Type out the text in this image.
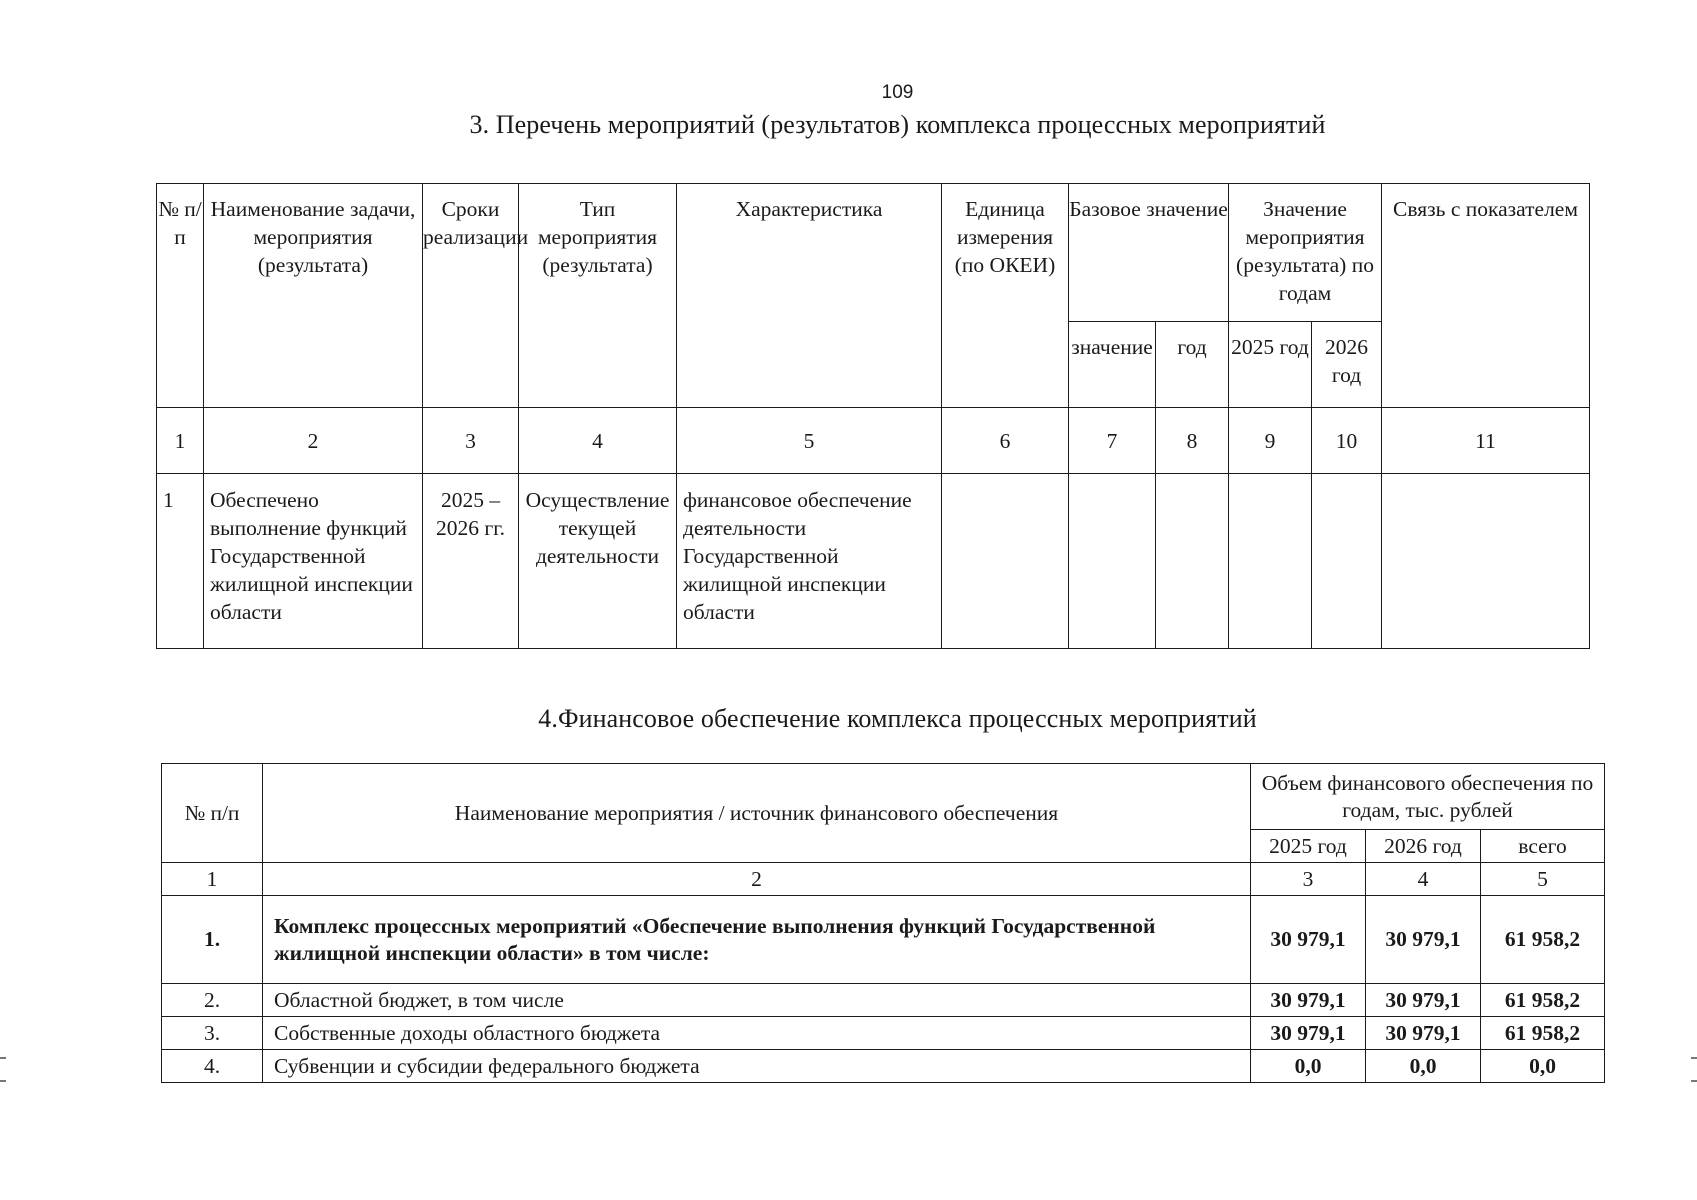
109
3. Перечень мероприятий (результатов) комплекса процессных мероприятий
№ п/п	Наименование задачи, мероприятия (результата)	Сроки реализации	Тип мероприятия (результата)	Характеристика	Единица измерения (по ОКЕИ)	Базовое значение		Значение мероприятия (результата) по годам		Связь с показателем
						значение	год	2025 год	2026 год	
1	2	3	4	5	6	7	8	9	10	11
1	Обеспечено выполнение функций Государственной жилищной инспекции области	2025 – 2026 гг.	Осуществление текущей деятельности	финансовое обеспечение деятельности Государственной жилищной инспекции области						
4.Финансовое обеспечение комплекса процессных мероприятий
№ п/п	Наименование мероприятия / источник финансового обеспечения	Объем финансового обеспечения по годам, тыс. рублей		
		2025 год	2026 год	всего
1	2	3	4	5
1.	Комплекс процессных мероприятий «Обеспечение выполнения функций Государственной жилищной инспекции области» в том числе:	30 979,1	30 979,1	61 958,2
2.	Областной бюджет, в том числе	30 979,1	30 979,1	61 958,2
3.	Собственные доходы областного бюджета	30 979,1	30 979,1	61 958,2
4.	Субвенции и субсидии федерального бюджета	0,0	0,0	0,0
